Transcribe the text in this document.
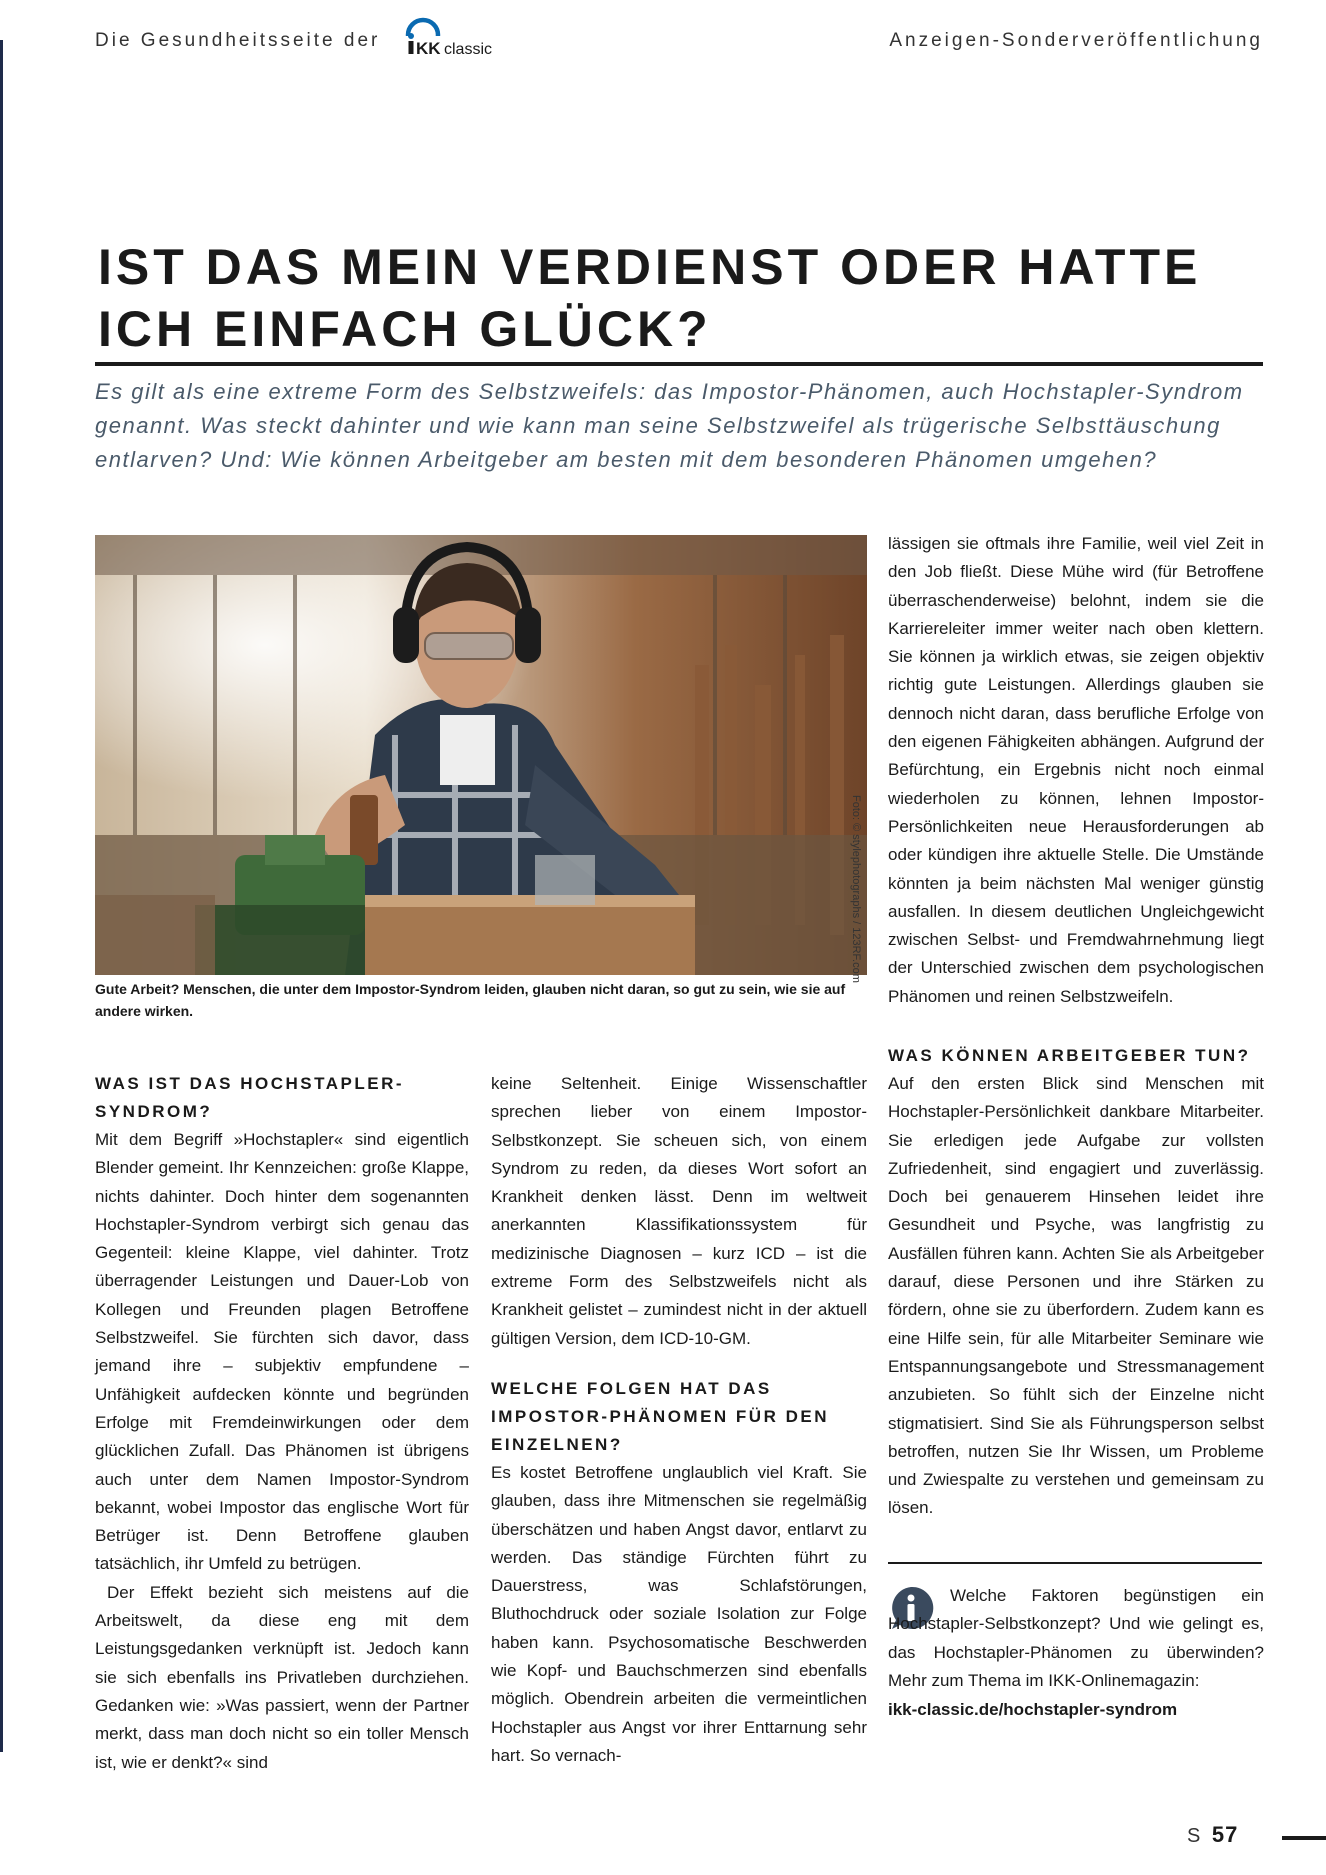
Die Gesundheitsseite der KK classic	Anzeigen-Sonderveröffentlichung
IST DAS MEIN VERDIENST ODER HATTE ICH EINFACH GLÜCK?

Es gilt als eine extreme Form des Selbstzweifels: das Impostor-Phänomen, auch Hochstapler-Syndrom genannt. Was steckt dahinter und wie kann man seine Selbstzweifel als trügerische Selbsttäuschung entlarven? Und: Wie können Arbeitgeber am besten mit dem besonderen Phänomen umgehen?

Foto: © stylephotographs / 123RF.com

Gute Arbeit? Menschen, die unter dem Impostor-Syndrom leiden, glauben nicht daran, so gut zu sein, wie sie auf andere wirken.

WAS IST DAS HOCHSTAPLER-SYNDROM?

Mit dem Begriff »Hochstapler« sind eigentlich Blender gemeint. Ihr Kennzeichen: große Klappe, nichts dahinter. Doch hinter dem sogenannten Hochstapler-Syndrom verbirgt sich genau das Gegenteil: kleine Klappe, viel dahinter. Trotz überragender Leistungen und Dauer-Lob von Kollegen und Freunden plagen Betroffene Selbstzweifel. Sie fürchten sich davor, dass jemand ihre – subjektiv empfundene – Unfähigkeit aufdecken könnte und begründen Erfolge mit Fremdeinwirkungen oder dem glücklichen Zufall. Das Phänomen ist übrigens auch unter dem Namen Impostor-Syndrom bekannt, wobei Impostor das englische Wort für Betrüger ist. Denn Betroffene glauben tatsächlich, ihr Umfeld zu betrügen.

Der Effekt bezieht sich meistens auf die Arbeitswelt, da diese eng mit dem Leistungsgedanken verknüpft ist. Jedoch kann sie sich ebenfalls ins Privatleben durchziehen. Gedanken wie: »Was passiert, wenn der Partner merkt, dass man doch nicht so ein toller Mensch ist, wie er denkt?« sind

keine Seltenheit. Einige Wissenschaftler sprechen lieber von einem Impostor-Selbstkonzept. Sie scheuen sich, von einem Syndrom zu reden, da dieses Wort sofort an Krankheit denken lässt. Denn im weltweit anerkannten Klassifikationssystem für medizinische Diagnosen – kurz ICD – ist die extreme Form des Selbstzweifels nicht als Krankheit gelistet – zumindest nicht in der aktuell gültigen Version, dem ICD-10-GM.

WELCHE FOLGEN HAT DAS IMPOSTOR-PHÄNOMEN FÜR DEN EINZELNEN?

Es kostet Betroffene unglaublich viel Kraft. Sie glauben, dass ihre Mitmenschen sie regelmäßig überschätzen und haben Angst davor, entlarvt zu werden. Das ständige Fürchten führt zu Dauerstress, was Schlafstörungen, Bluthochdruck oder soziale Isolation zur Folge haben kann. Psychosomatische Beschwerden wie Kopf- und Bauchschmerzen sind ebenfalls möglich. Obendrein arbeiten die vermeintlichen Hochstapler aus Angst vor ihrer Enttarnung sehr hart. So vernach-

lässigen sie oftmals ihre Familie, weil viel Zeit in den Job fließt. Diese Mühe wird (für Betroffene überraschenderweise) belohnt, indem sie die Karriereleiter immer weiter nach oben klettern. Sie können ja wirklich etwas, sie zeigen objektiv richtig gute Leistungen. Allerdings glauben sie dennoch nicht daran, dass berufliche Erfolge von den eigenen Fähigkeiten abhängen. Aufgrund der Befürchtung, ein Ergebnis nicht noch einmal wiederholen zu können, lehnen Impostor-Persönlichkeiten neue Herausforderungen ab oder kündigen ihre aktuelle Stelle. Die Umstände könnten ja beim nächsten Mal weniger günstig ausfallen. In diesem deutlichen Ungleichgewicht zwischen Selbst- und Fremdwahrnehmung liegt der Unterschied zwischen dem psychologischen Phänomen und reinen Selbstzweifeln.

WAS KÖNNEN ARBEITGEBER TUN?

Auf den ersten Blick sind Menschen mit Hochstapler-Persönlichkeit dankbare Mitarbeiter. Sie erledigen jede Aufgabe zur vollsten Zufriedenheit, sind engagiert und zuverlässig. Doch bei genauerem Hinsehen leidet ihre Gesundheit und Psyche, was langfristig zu Ausfällen führen kann. Achten Sie als Arbeitgeber darauf, diese Personen und ihre Stärken zu fördern, ohne sie zu überfordern. Zudem kann es eine Hilfe sein, für alle Mitarbeiter Seminare wie Entspannungsangebote und Stressmanagement anzubieten. So fühlt sich der Einzelne nicht stigmatisiert. Sind Sie als Führungsperson selbst betroffen, nutzen Sie Ihr Wissen, um Probleme und Zwiespalte zu verstehen und gemeinsam zu lösen.

Welche Faktoren begünstigen ein Hochstapler-Selbstkonzept? Und wie gelingt es, das Hochstapler-Phänomen zu überwinden? Mehr zum Thema im IKK-Onlinemagazin:

ikk-classic.de/hochstapler-syndrom

S 57
